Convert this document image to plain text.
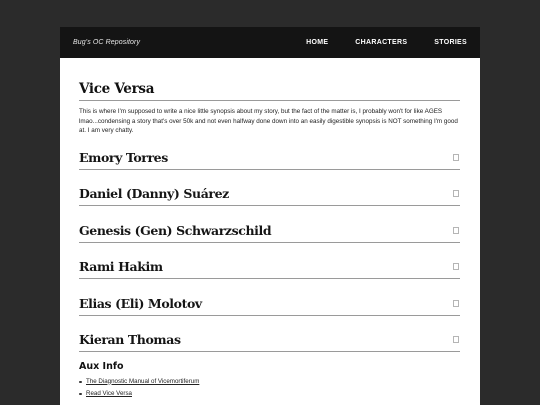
Bug's OC Repository	HOME	CHARACTERS	STORIES
Vice Versa

This is where I'm supposed to write a nice little synopsis about my story, but the fact of the matter is, I probably won't for like AGES lmao...condensing a story that's over 50k and not even halfway done down into an easily digestible synopsis is NOT something I'm good at. I am very chatty.

Emory Torres
Daniel (Danny) Suárez
Genesis (Gen) Schwarzschild
Rami Hakim
Elias (Eli) Molotov
Kieran Thomas
Aux Info
The Diagnostic Manual of Vicemortiferum
Read Vice Versa
